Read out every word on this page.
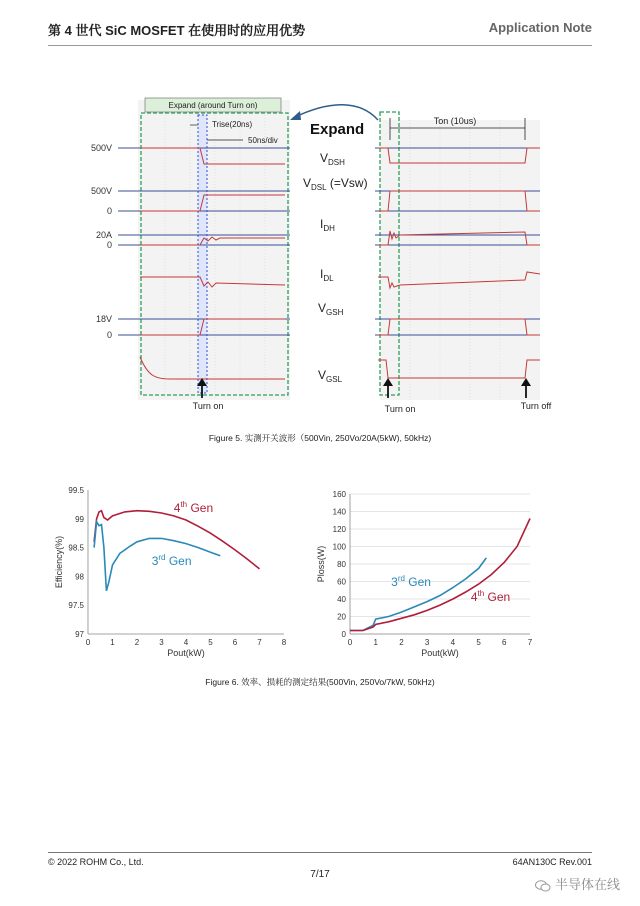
第 4 世代 SiC MOSFET 在使用时的应用优势	Application Note
Expand (around Turn on)
Trise(20ns)
50ns/div
Expand	Ton (10us)
500V
500V
0
20A
0
18V
0
$V_{DSH}$
$V_{DSL}$ (=Vsw)
$I_{DH}$
$I_{DL}$
$V_{GSH}$
$V_{GSL}$
Turn on	Turn on	Turn off
Figure 5. 实测开关波形（500Vin, 250Vo/20A(5kW), 50kHz)
0	1	2	3	4	5	6	7	8
97
97.5
98
98.5
99
99.5
Pout(kW)
Efficiency(%)
4th Gen
3rd Gen
0	1	2	3	4	5	6	7
0
20
40
60
80
100
120
140
160
Pout(kW)
Ploss(W)	3rd Gen
4th Gen
Figure 6. 效率、损耗的测定结果(500Vin, 250Vo/7kW, 50kHz)
© 2022 ROHM Co., Ltd.	64AN130C Rev.001
7/17
半导体在线
